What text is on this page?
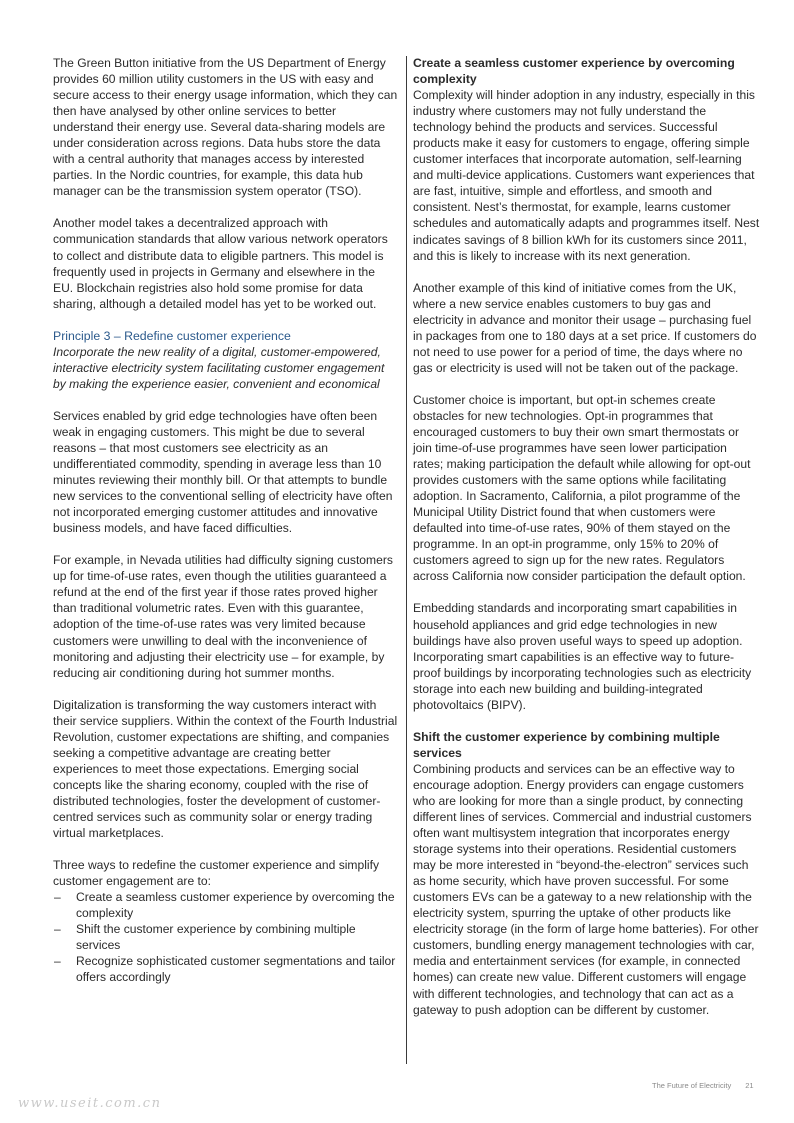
The Green Button initiative from the US Department of Energy provides 60 million utility customers in the US with easy and secure access to their energy usage information, which they can then have analysed by other online services to better understand their energy use. Several data-sharing models are under consideration across regions. Data hubs store the data with a central authority that manages access by interested parties. In the Nordic countries, for example, this data hub manager can be the transmission system operator (TSO).

Another model takes a decentralized approach with communication standards that allow various network operators to collect and distribute data to eligible partners. This model is frequently used in projects in Germany and elsewhere in the EU. Blockchain registries also hold some promise for data sharing, although a detailed model has yet to be worked out.

Principle 3 – Redefine customer experience
Incorporate the new reality of a digital, customer-empowered, interactive electricity system facilitating customer engagement by making the experience easier, convenient and economical

Services enabled by grid edge technologies have often been weak in engaging customers. This might be due to several reasons – that most customers see electricity as an undifferentiated commodity, spending in average less than 10 minutes reviewing their monthly bill. Or that attempts to bundle new services to the conventional selling of electricity have often not incorporated emerging customer attitudes and innovative business models, and have faced difficulties.

For example, in Nevada utilities had difficulty signing customers up for time-of-use rates, even though the utilities guaranteed a refund at the end of the first year if those rates proved higher than traditional volumetric rates. Even with this guarantee, adoption of the time-of-use rates was very limited because customers were unwilling to deal with the inconvenience of monitoring and adjusting their electricity use – for example, by reducing air conditioning during hot summer months.

Digitalization is transforming the way customers interact with their service suppliers. Within the context of the Fourth Industrial Revolution, customer expectations are shifting, and companies seeking a competitive advantage are creating better experiences to meet those expectations. Emerging social concepts like the sharing economy, coupled with the rise of distributed technologies, foster the development of customer-centred services such as community solar or energy trading virtual marketplaces.

Three ways to redefine the customer experience and simplify customer engagement are to:
– Create a seamless customer experience by overcoming the complexity
– Shift the customer experience by combining multiple services
– Recognize sophisticated customer segmentations and tailor offers accordingly
Create a seamless customer experience by overcoming complexity

Complexity will hinder adoption in any industry, especially in this industry where customers may not fully understand the technology behind the products and services. Successful products make it easy for customers to engage, offering simple customer interfaces that incorporate automation, self-learning and multi-device applications. Customers want experiences that are fast, intuitive, simple and effortless, and smooth and consistent. Nest’s thermostat, for example, learns customer schedules and automatically adapts and programmes itself. Nest indicates savings of 8 billion kWh for its customers since 2011, and this is likely to increase with its next generation.

Another example of this kind of initiative comes from the UK, where a new service enables customers to buy gas and electricity in advance and monitor their usage – purchasing fuel in packages from one to 180 days at a set price. If customers do not need to use power for a period of time, the days where no gas or electricity is used will not be taken out of the package.

Customer choice is important, but opt-in schemes create obstacles for new technologies. Opt-in programmes that encouraged customers to buy their own smart thermostats or join time-of-use programmes have seen lower participation rates; making participation the default while allowing for opt-out provides customers with the same options while facilitating adoption. In Sacramento, California, a pilot programme of the Municipal Utility District found that when customers were defaulted into time-of-use rates, 90% of them stayed on the programme. In an opt-in programme, only 15% to 20% of customers agreed to sign up for the new rates. Regulators across California now consider participation the default option.

Embedding standards and incorporating smart capabilities in household appliances and grid edge technologies in new buildings have also proven useful ways to speed up adoption. Incorporating smart capabilities is an effective way to future-proof buildings by incorporating technologies such as electricity storage into each new building and building-integrated photovoltaics (BIPV).

Shift the customer experience by combining multiple services

Combining products and services can be an effective way to encourage adoption. Energy providers can engage customers who are looking for more than a single product, by connecting different lines of services. Commercial and industrial customers often want multisystem integration that incorporates energy storage systems into their operations. Residential customers may be more interested in “beyond-the-electron” services such as home security, which have proven successful. For some customers EVs can be a gateway to a new relationship with the electricity system, spurring the uptake of other products like electricity storage (in the form of large home batteries). For other customers, bundling energy management technologies with car, media and entertainment services (for example, in connected homes) can create new value. Different customers will engage with different technologies, and technology that can act as a gateway to push adoption can be different by customer.

The Future of Electricity 21
www.useit.com.cn
